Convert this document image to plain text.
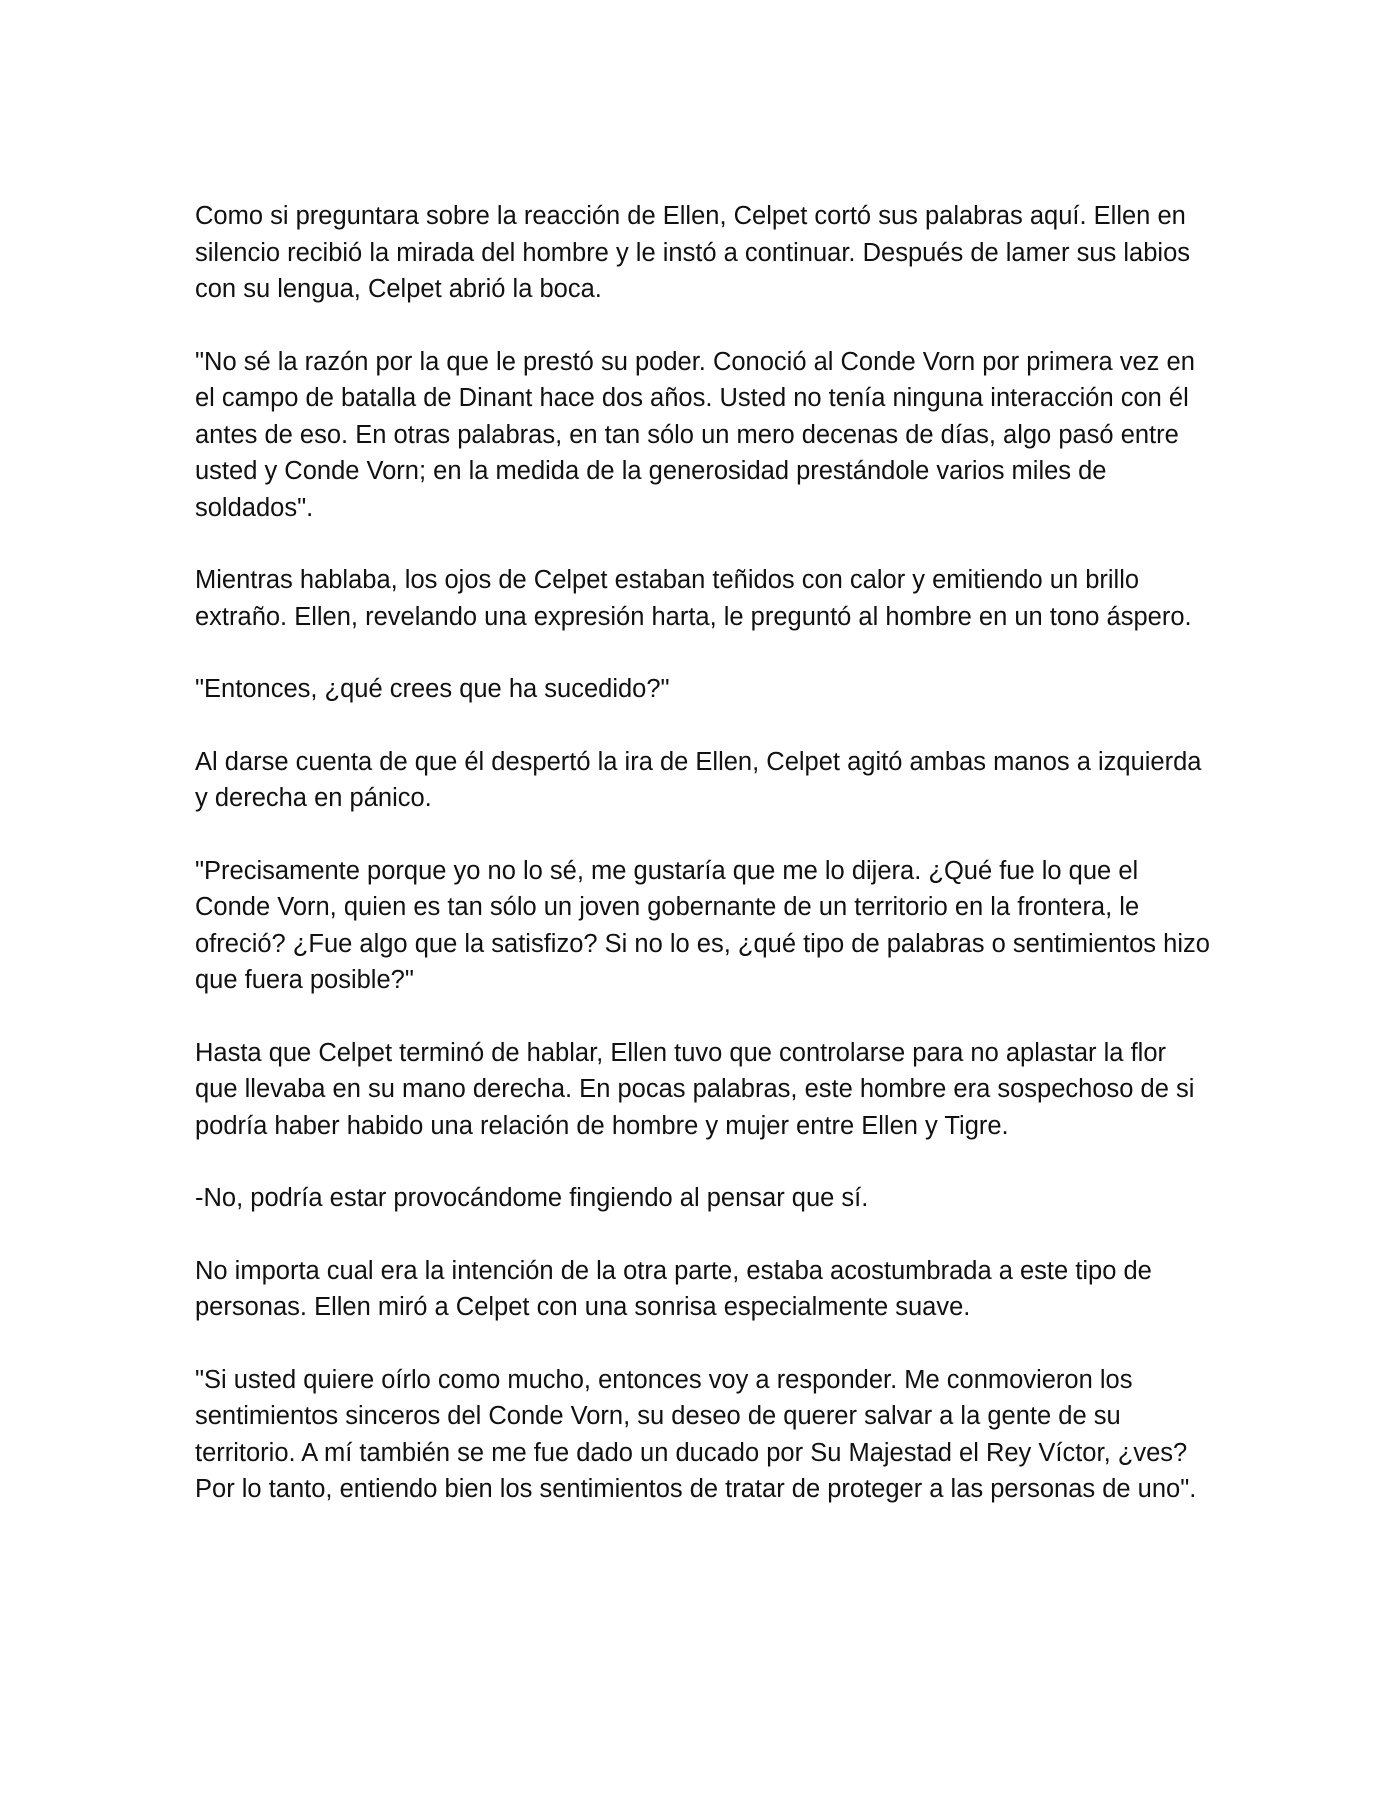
Como si preguntara sobre la reacción de Ellen, Celpet cortó sus palabras aquí. Ellen en silencio recibió la mirada del hombre y le instó a continuar. Después de lamer sus labios con su lengua, Celpet abrió la boca.

"No sé la razón por la que le prestó su poder. Conoció al Conde Vorn por primera vez en el campo de batalla de Dinant hace dos años. Usted no tenía ninguna interacción con él antes de eso. En otras palabras, en tan sólo un mero decenas de días, algo pasó entre usted y Conde Vorn; en la medida de la generosidad prestándole varios miles de soldados".

Mientras hablaba, los ojos de Celpet estaban teñidos con calor y emitiendo un brillo extraño. Ellen, revelando una expresión harta, le preguntó al hombre en un tono áspero.

"Entonces, ¿qué crees que ha sucedido?"

Al darse cuenta de que él despertó la ira de Ellen, Celpet agitó ambas manos a izquierda y derecha en pánico.

"Precisamente porque yo no lo sé, me gustaría que me lo dijera. ¿Qué fue lo que el Conde Vorn, quien es tan sólo un joven gobernante de un territorio en la frontera, le ofreció? ¿Fue algo que la satisfizo? Si no lo es, ¿qué tipo de palabras o sentimientos hizo que fuera posible?"

Hasta que Celpet terminó de hablar, Ellen tuvo que controlarse para no aplastar la flor que llevaba en su mano derecha. En pocas palabras, este hombre era sospechoso de si podría haber habido una relación de hombre y mujer entre Ellen y Tigre.

-No, podría estar provocándome fingiendo al pensar que sí.

No importa cual era la intención de la otra parte, estaba acostumbrada a este tipo de personas. Ellen miró a Celpet con una sonrisa especialmente suave.

"Si usted quiere oírlo como mucho, entonces voy a responder. Me conmovieron los sentimientos sinceros del Conde Vorn, su deseo de querer salvar a la gente de su territorio. A mí también se me fue dado un ducado por Su Majestad el Rey Víctor, ¿ves? Por lo tanto, entiendo bien los sentimientos de tratar de proteger a las personas de uno".
